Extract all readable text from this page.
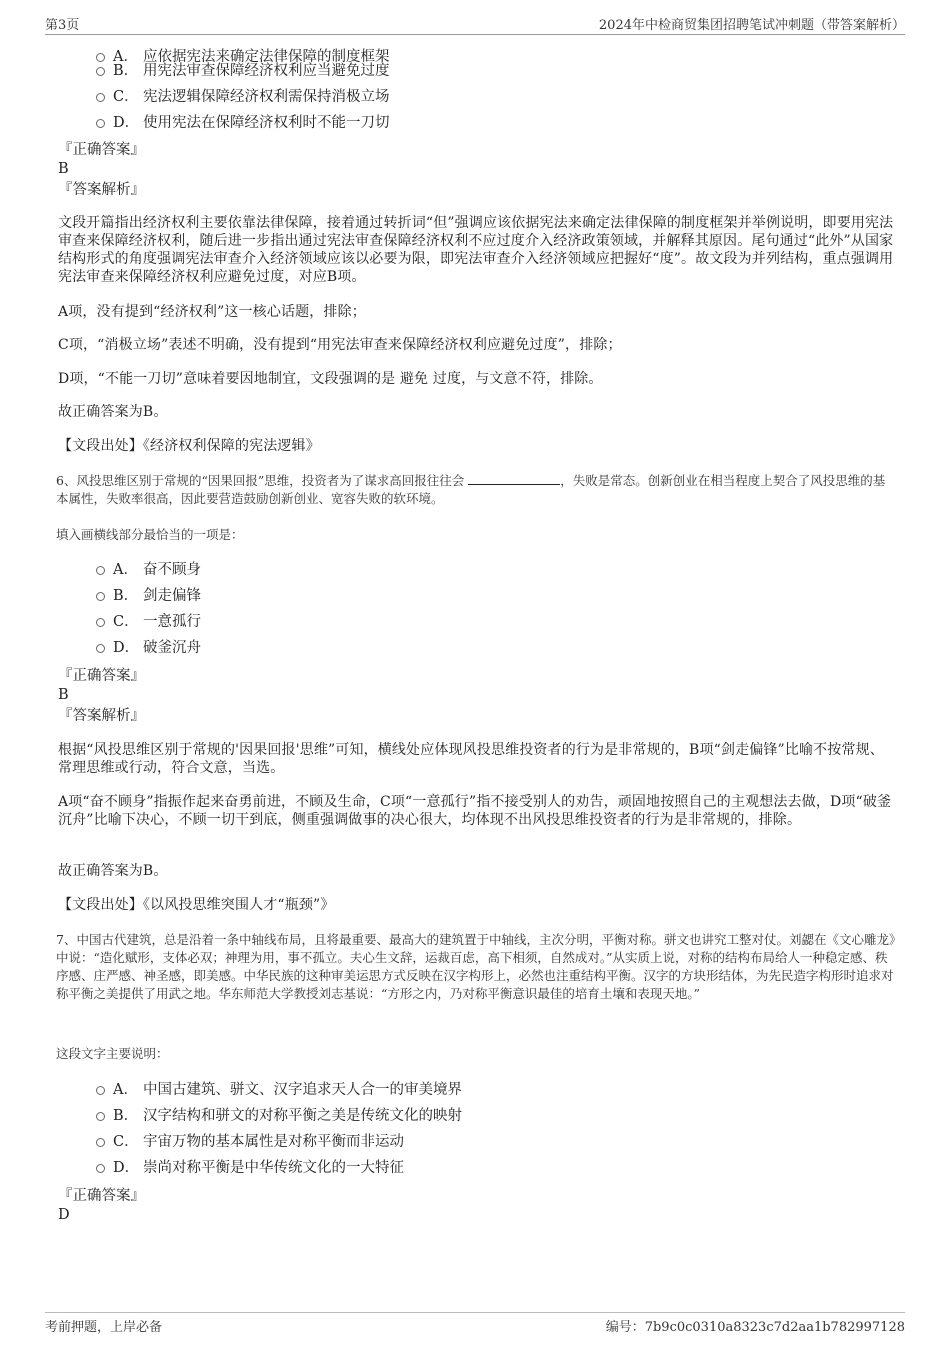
第3页	2024年中检商贸集团招聘笔试冲刺题（带答案解析）
A． 应依据宪法来确定法律保障的制度框架
B． 用宪法审查保障经济权利应当避免过度
C． 宪法逻辑保障经济权利需保持消极立场
D． 使用宪法在保障经济权利时不能一刀切
『正确答案』
B
『答案解析』
文段开篇指出经济权利主要依靠法律保障，接着通过转折词“但”强调应该依据宪法来确定法律保障的制度框架并举例说明，即要用宪法审查来保障经济权利，随后进一步指出通过宪法审查保障经济权利不应过度介入经济政策领域，并解释其原因。尾句通过“此外”从国家结构形式的角度强调宪法审查介入经济领域应该以必要为限，即宪法审查介入经济领域应把握好“度”。故文段为并列结构，重点强调用宪法审查来保障经济权利应避免过度，对应B项。
A项，没有提到“经济权利”这一核心话题，排除；
C项，“消极立场”表述不明确，没有提到“用宪法审查来保障经济权利应避免过度”，排除；
D项，“不能一刀切”意味着要因地制宜，文段强调的是 避免 过度，与文意不符，排除。
故正确答案为B。
【文段出处】《经济权利保障的宪法逻辑》
6、风投思维区别于常规的“因果回报”思维，投资者为了谋求高回报往往会	，失败是常态。创新创业在相当程度上契合了风投思维的基本属性，失败率很高，因此要营造鼓励创新创业、宽容失败的软环境。
填入画横线部分最恰当的一项是：
A． 奋不顾身
B． 剑走偏锋
C． 一意孤行
D． 破釜沉舟
『正确答案』
B
『答案解析』
根据“风投思维区别于常规的'因果回报'思维”可知，横线处应体现风投思维投资者的行为是非常规的，B项“剑走偏锋”比喻不按常规、常理思维或行动，符合文意，当选。
A项“奋不顾身”指振作起来奋勇前进，不顾及生命，C项“一意孤行”指不接受别人的劝告，顽固地按照自己的主观想法去做，D项“破釜沉舟”比喻下决心，不顾一切干到底，侧重强调做事的决心很大，均体现不出风投思维投资者的行为是非常规的，排除。
故正确答案为B。
【文段出处】《以风投思维突围人才“瓶颈”》
7、中国古代建筑，总是沿着一条中轴线布局，且将最重要、最高大的建筑置于中轴线，主次分明，平衡对称。骈文也讲究工整对仗。刘勰在《文心雕龙》中说：“造化赋形，支体必双；神理为用，事不孤立。夫心生文辞，运裁百虑，高下相须，自然成对。”从实质上说，对称的结构布局给人一种稳定感、秩序感、庄严感、神圣感，即美感。中华民族的这种审美运思方式反映在汉字构形上，必然也注重结构平衡。汉字的方块形结体，为先民造字构形时追求对称平衡之美提供了用武之地。华东师范大学教授刘志基说：“方形之内，乃对称平衡意识最佳的培育土壤和表现天地。”
这段文字主要说明：
A． 中国古建筑、骈文、汉字追求天人合一的审美境界
B． 汉字结构和骈文的对称平衡之美是传统文化的映射
C． 宇宙万物的基本属性是对称平衡而非运动
D． 崇尚对称平衡是中华传统文化的一大特征
『正确答案』
D
考前押题，上岸必备	编号：7b9c0c0310a8323c7d2aa1b782997128
